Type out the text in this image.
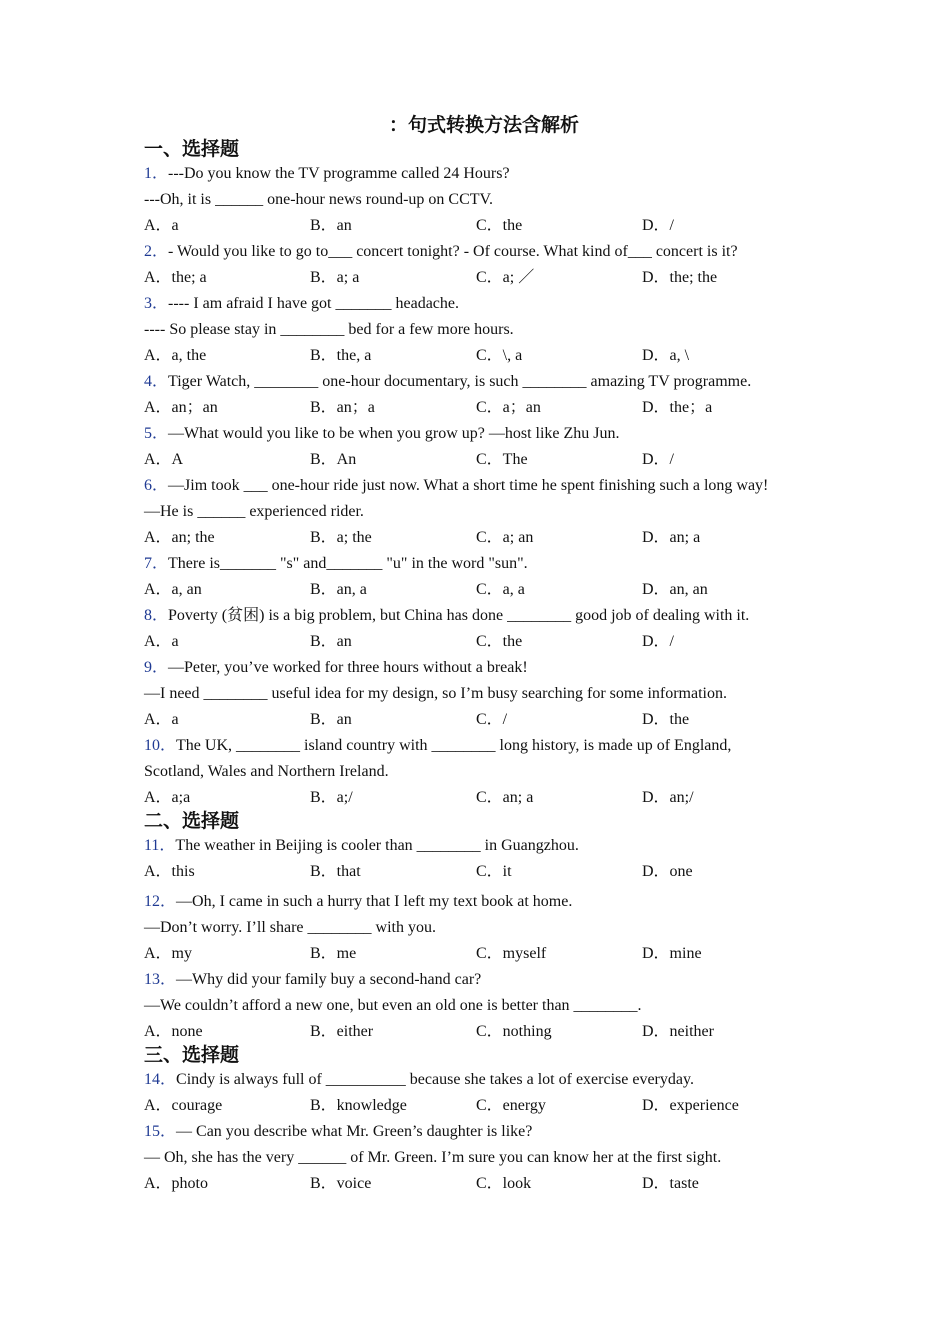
：句式转换方法含解析
一、选择题
1．---Do you know the TV programme called 24 Hours?
---Oh, it is ______ one-hour news round-up on CCTV.
A．a	B．an	C．the	D．/
2．- Would you like to go to___ concert tonight? - Of course. What kind of___ concert is it?
A．the; a	B．a; a	C．a; ／	D．the; the
3．---- I am afraid I have got _______ headache.
---- So please stay in ________ bed for a few more hours.
A．a, the	B．the, a	C．\, a	D．a, \
4．Tiger Watch, ________ one-hour documentary, is such ________ amazing TV programme.
A．an；an	B．an；a	C．a；an	D．the；a
5．—What would you like to be when you grow up? —host like Zhu Jun.
A．A	B．An	C．The	D．/
6．—Jim took ___ one-hour ride just now. What a short time he spent finishing such a long way!
—He is ______ experienced rider.
A．an; the	B．a; the	C．a; an	D．an; a
7．There is_______ "s" and_______ "u" in the word "sun".
A．a, an	B．an, a	C．a, a	D．an, an
8．Poverty (贫困) is a big problem, but China has done ________ good job of dealing with it.
A．a	B．an	C．the	D．/
9．—Peter, you’ve worked for three hours without a break!
—I need ________ useful idea for my design, so I’m busy searching for some information.
A．a	B．an	C．/	D．the
10．The UK, ________ island country with ________ long history, is made up of England,
Scotland, Wales and Northern Ireland.
A．a;a	B．a;/	C．an; a	D．an;/
二、选择题
11．The weather in Beijing is cooler than ________ in Guangzhou.
A．this	B．that	C．it	D．one
12．—Oh, I came in such a hurry that I left my text book at home.
—Don’t worry. I’ll share ________ with you.
A．my	B．me	C．myself	D．mine
13．—Why did your family buy a second-hand car?
—We couldn’t afford a new one, but even an old one is better than ________.
A．none	B．either	C．nothing	D．neither
三、选择题
14．Cindy is always full of __________ because she takes a lot of exercise everyday.
A．courage	B．knowledge	C．energy	D．experience
15．— Can you describe what Mr. Green’s daughter is like?
— Oh, she has the very ______ of Mr. Green. I’m sure you can know her at the first sight.
A．photo	B．voice	C．look	D．taste
